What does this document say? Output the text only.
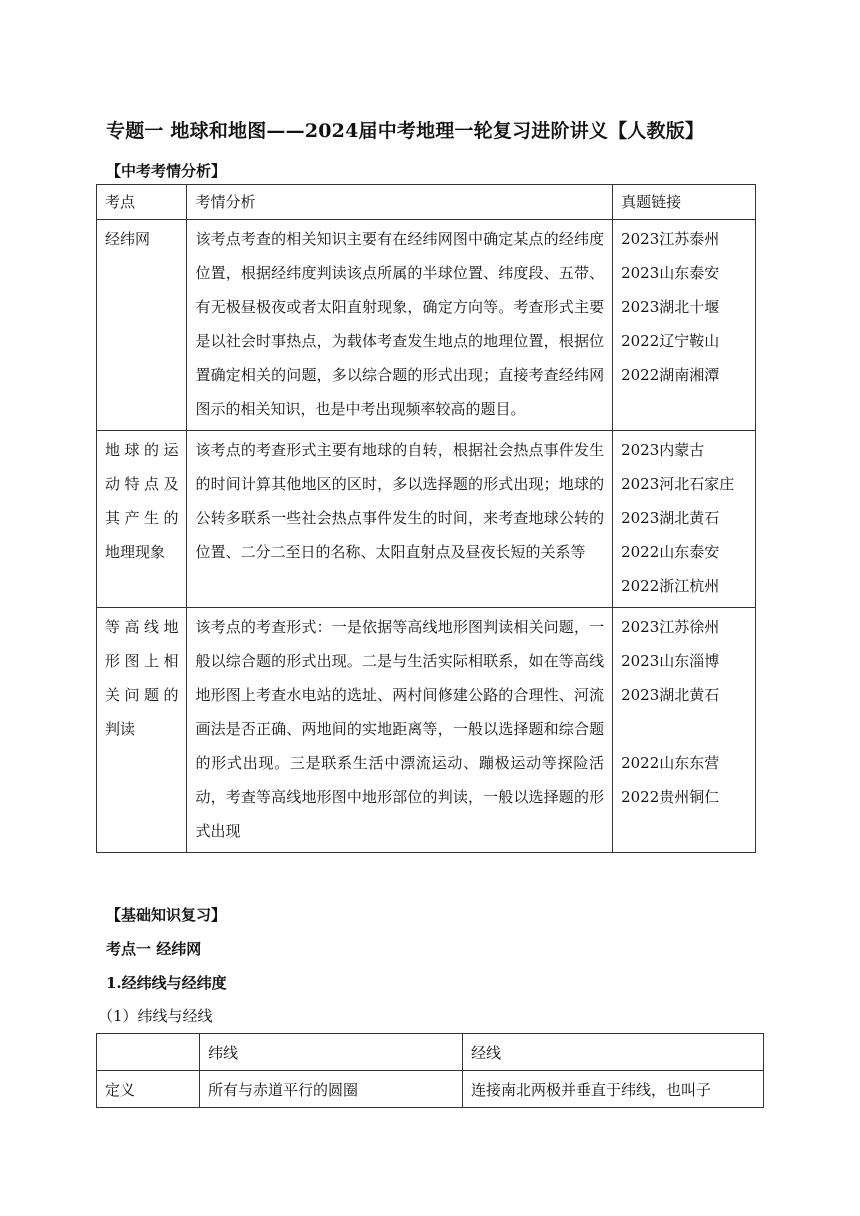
专题一 地球和地图——2024届中考地理一轮复习进阶讲义【人教版】
【中考考情分析】
考点	考情分析	真题链接
经纬网	该考点考查的相关知识主要有在经纬网图中确定某点的经纬度位置，根据经纬度判读该点所属的半球位置、纬度段、五带、有无极昼极夜或者太阳直射现象，确定方向等。考查形式主要是以社会时事热点，为载体考查发生地点的地理位置，根据位置确定相关的问题，多以综合题的形式出现；直接考查经纬网图示的相关知识，也是中考出现频率较高的题目。	2023江苏泰州
2023山东泰安
2023湖北十堰
2022辽宁鞍山
2022湖南湘潭

地球的运动特点及其产生的地理现象	该考点的考查形式主要有地球的自转，根据社会热点事件发生的时间计算其他地区的区时，多以选择题的形式出现；地球的公转多联系一些社会热点事件发生的时间，来考查地球公转的位置、二分二至日的名称、太阳直射点及昼夜长短的关系等	2023内蒙古
2023河北石家庄
2023湖北黄石
2022山东泰安
2022浙江杭州

等高线地形图上相关问题的判读	该考点的考查形式：一是依据等高线地形图判读相关问题，一般以综合题的形式出现。二是与生活实际相联系，如在等高线地形图上考查水电站的选址、两村间修建公路的合理性、河流画法是否正确、两地间的实地距离等，一般以选择题和综合题的形式出现。三是联系生活中漂流运动、蹦极运动等探险活动，考查等高线地形图中地形部位的判读，一般以选择题的形式出现	2023江苏徐州
2023山东淄博
2023湖北黄石
2022山东东营
2022贵州铜仁
【基础知识复习】
考点一 经纬网
1.经纬线与经纬度
（1）纬线与经线
	纬线	经线
定义	所有与赤道平行的圆圈	连接南北两极并垂直于纬线，也叫子
